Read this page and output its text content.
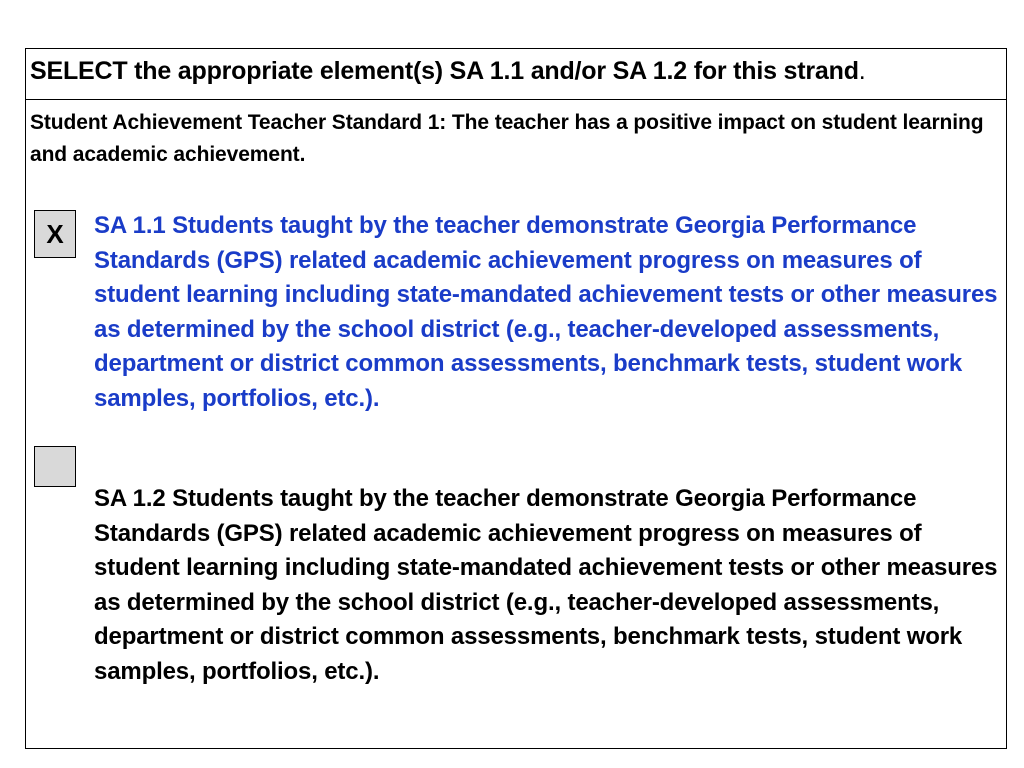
SELECT the appropriate element(s) SA 1.1 and/or SA 1.2 for this strand.
Student Achievement Teacher Standard 1: The teacher has a positive impact on student learning and academic achievement.
X	SA 1.1 Students taught by the teacher demonstrate Georgia Performance Standards (GPS) related academic achievement progress on measures of student learning including state-mandated achievement tests or other measures as determined by the school district (e.g., teacher-developed assessments, department or district common assessments, benchmark tests, student work samples, portfolios, etc.).
SA 1.2 Students taught by the teacher demonstrate Georgia Performance Standards (GPS) related academic achievement progress on measures of student learning including state-mandated achievement tests or other measures as determined by the school district (e.g., teacher-developed assessments, department or district common assessments, benchmark tests, student work samples, portfolios, etc.).
